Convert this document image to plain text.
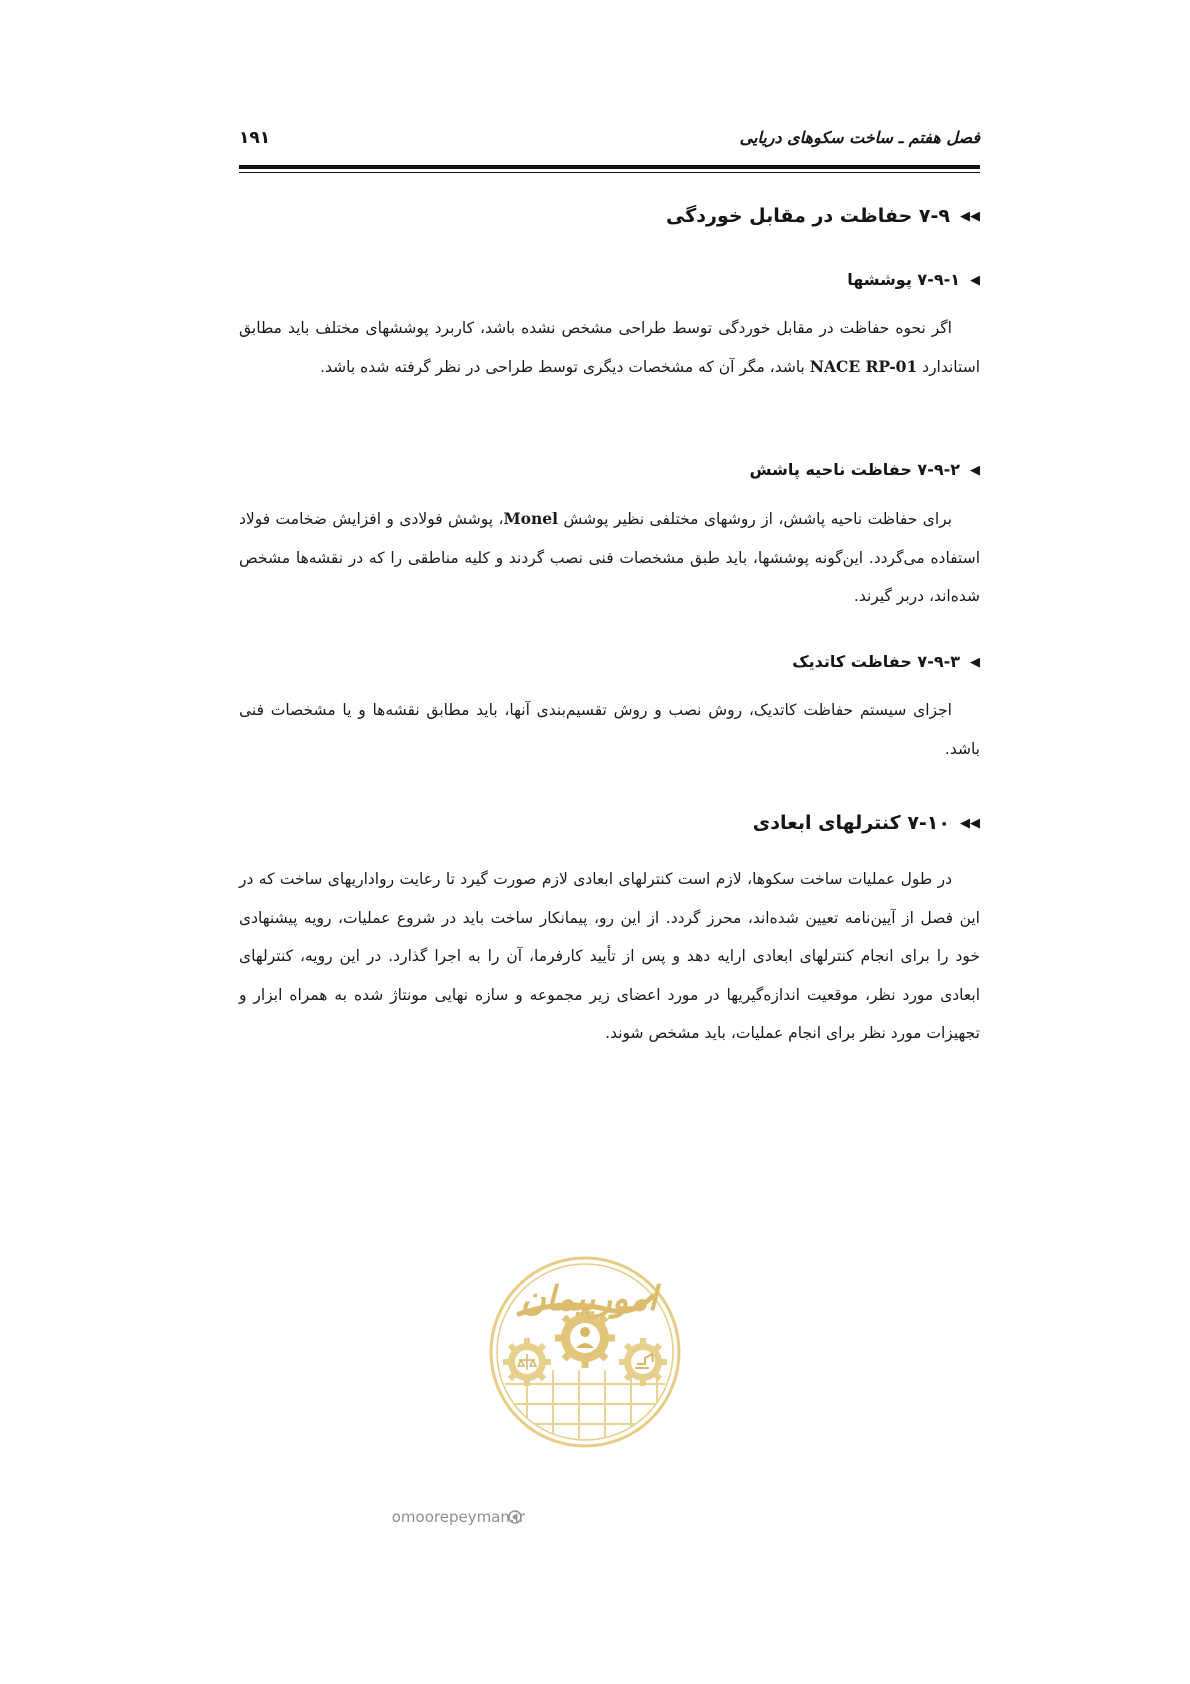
فصل هفتم ـ ساخت سکوهای دریایی
۱۹۱
◀◀۷-۹ حفاظت در مقابل خوردگی
◀۷-۹-۱ پوششها

اگر نحوه حفاظت در مقابل خوردگی توسط طراحی مشخص نشده باشد، کاربرد پوششهای مختلف باید مطابق استاندارد NACE RP-01 باشد، مگر آن که مشخصات دیگری توسط طراحی در نظر گرفته شده باشد.

◀۷-۹-۲ حفاظت ناحیه پاشش

برای حفاظت ناحیه پاشش، از روشهای مختلفی نظیر پوشش Monel، پوشش فولادی و افزایش ضخامت فولاد استفاده می‌گردد. این‌گونه پوششها، باید طبق مشخصات فنی نصب گردند و کلیه مناطقی را که در نقشه‌ها مشخص شده‌اند، دربر گیرند.

◀۷-۹-۳ حفاظت کاتدیک

اجزای سیستم حفاظت کاتدیک، روش نصب و روش تقسیم‌بندی آنها، باید مطابق نقشه‌ها و یا مشخصات فنی باشد.

◀◀۷-۱۰ کنترلهای ابعادی

در طول عملیات ساخت سکوها، لازم است کنترلهای ابعادی لازم صورت گیرد تا رعایت رواداریهای ساخت که در این فصل از آیین‌نامه تعیین شده‌اند، محرز گردد. از این رو، پیمانکار ساخت باید در شروع عملیات، رویه پیشنهادی خود را برای انجام کنترلهای ابعادی ارایه دهد و پس از تأیید کارفرما، آن را به اجرا گذارد. در این رویه، کنترلهای ابعادی مورد نظر، موقعیت اندازه‌گیریها در مورد اعضای زیر مجموعه و سازه نهایی مونتاژ شده به همراه ابزار و تجهیزات مورد نظر برای انجام عملیات، باید مشخص شوند.

امورپیمان
omoorepeyman.ir
